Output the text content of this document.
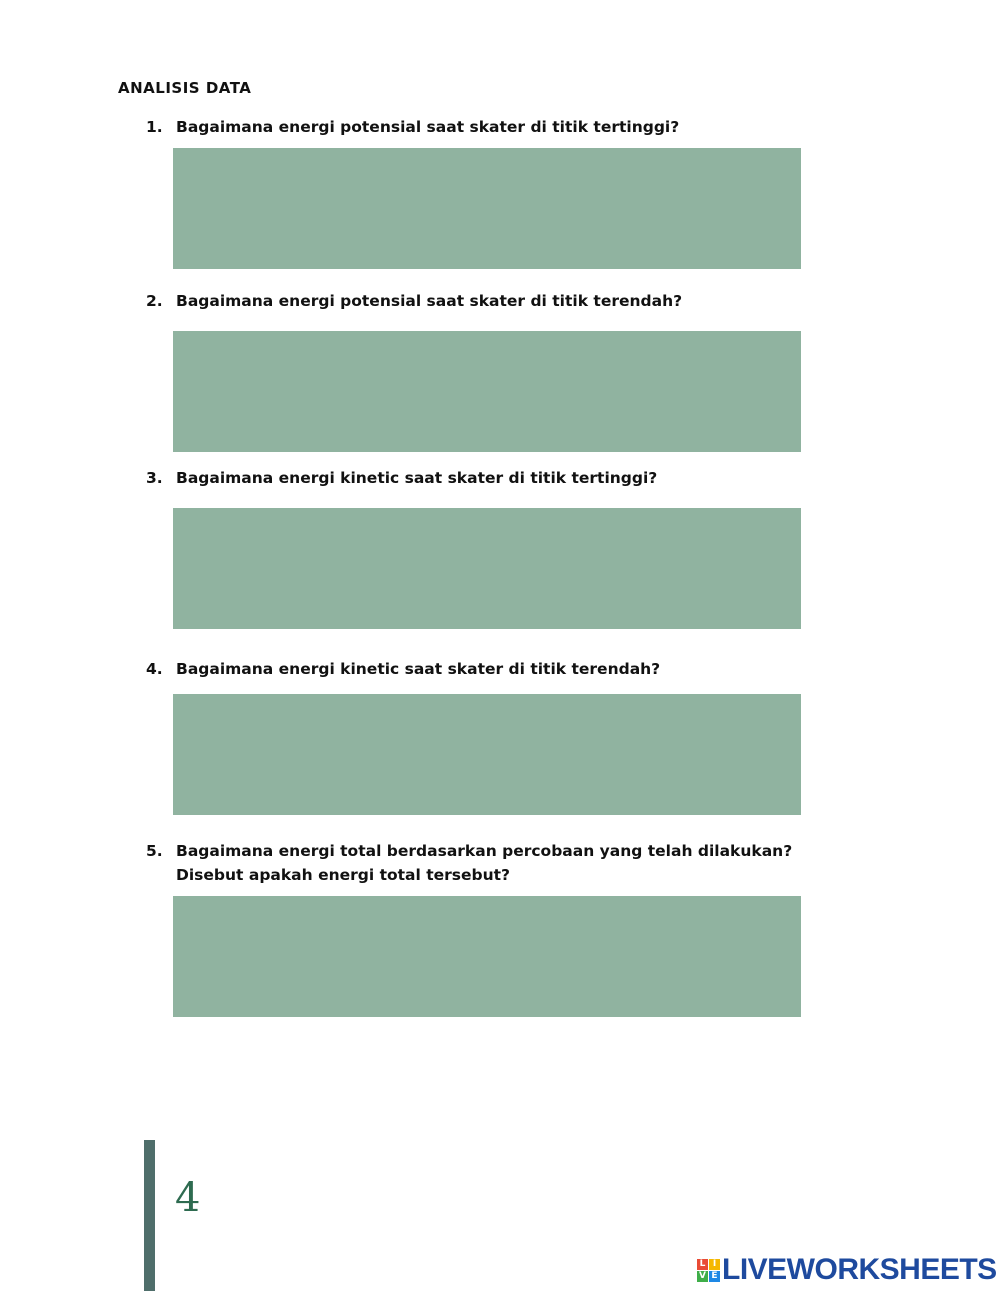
ANALISIS DATA
1. Bagaimana energi potensial saat skater di titik tertinggi?
2. Bagaimana energi potensial saat skater di titik terendah?
3. Bagaimana energi kinetic saat skater di titik tertinggi?
4. Bagaimana energi kinetic saat skater di titik terendah?
5. Bagaimana energi total berdasarkan percobaan yang telah dilakukan?Disebut apakah energi total tersebut?
4
L I
V E LIVEWORKSHEETS
